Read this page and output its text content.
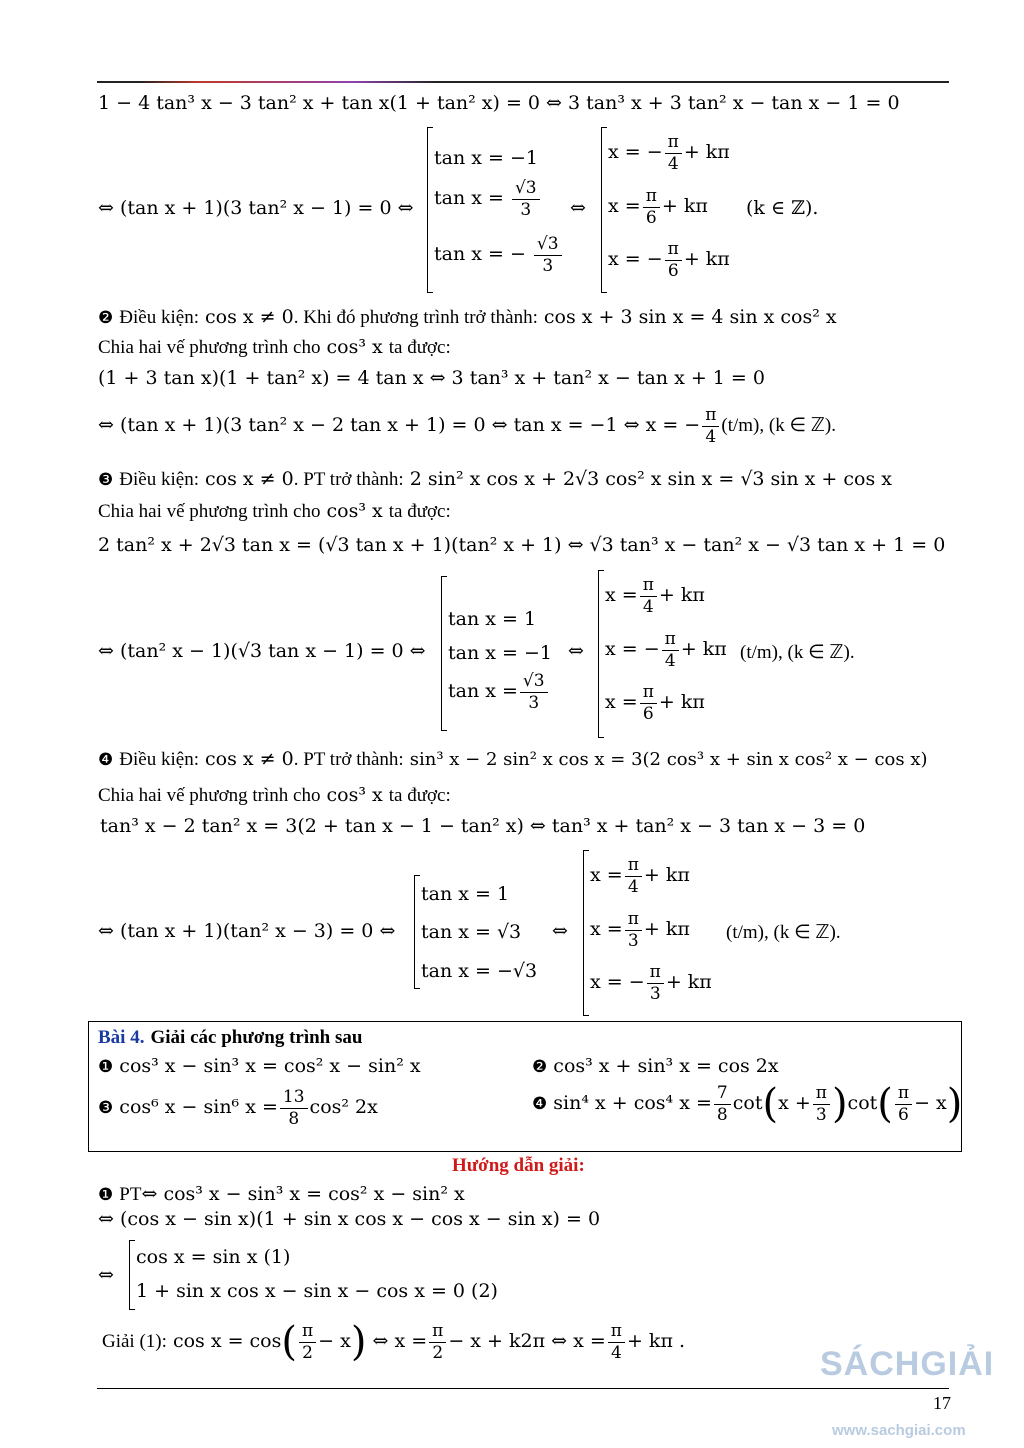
1 − 4 tan³ x − 3 tan² x + tan x(1 + tan² x) = 0 ⇔ 3 tan³ x + 3 tan² x − tan x − 1 = 0
⇔ (tan x + 1)(3 tan² x − 1) = 0 ⇔
tan x = −1
$\tan x = \frac{√3}{3}$
tan x = − $\frac{√3}{3}$
⇔
x = − $\frac{\pi}{4} + k\pi$
$x = \frac{\pi}{6} + k\pi$
x = − $\frac{\pi}{6} + k\pi$
(k ∈ ℤ).
❷ Điều kiện: cos x ≠ 0. Khi đó phương trình trở thành: cos x + 3 sin x = 4 sin x cos² x
Chia hai vế phương trình cho cos³ x ta được:
(1 + 3 tan x)(1 + tan² x) = 4 tan x ⇔ 3 tan³ x + tan² x − tan x + 1 = 0
⇔ (tan x + 1)(3 tan² x − 2 tan x + 1) = 0 ⇔ tan x = −1 ⇔ x = − $\frac{\pi}{4} (t/m)$, (k ∈ ℤ).
❸ Điều kiện: cos x ≠ 0. PT trở thành: 2 sin² x cos x + 2√3 cos² x sin x = √3 sin x + cos x
Chia hai vế phương trình cho cos³ x ta được:
2 tan² x + 2√3 tan x = (√3 tan x + 1)(tan² x + 1) ⇔ √3 tan³ x − tan² x − √3 tan x + 1 = 0
⇔ (tan² x − 1)(√3 tan x − 1) = 0 ⇔
tan x = 1
tan x = −1
$\tan x = \frac{√3}{3}$
⇔
$x = \frac{\pi}{4} + k\pi$
x = − $\frac{\pi}{4} + k\pi$
$x = \frac{\pi}{6} + k\pi$
(t/m), (k ∈ ℤ).
❹ Điều kiện: cos x ≠ 0. PT trở thành: sin³ x − 2 sin² x cos x = 3(2 cos³ x + sin x cos² x − cos x)
Chia hai vế phương trình cho cos³ x ta được:
tan³ x − 2 tan² x = 3(2 + tan x − 1 − tan² x) ⇔ tan³ x + tan² x − 3 tan x − 3 = 0
⇔ (tan x + 1)(tan² x − 3) = 0 ⇔
tan x = 1
tan x = √3
tan x = −√3
⇔
$x = \frac{\pi}{4} + k\pi$
$x = \frac{\pi}{3} + k\pi$
x = − $\frac{\pi}{3} + k\pi$
(t/m), (k ∈ ℤ).
Bài 4. Giải các phương trình sau
❶ cos³ x − sin³ x = cos² x − sin² x	❷ cos³ x + sin³ x = cos 2x
❸ cos⁶ x − sin⁶ $x = \frac{13}{8} \cos^2$ 2x	❹ sin⁴ x + cos⁴ $x = \frac{7}{8} \cot(x + \frac{\pi}{3} )\cot( \frac{\pi}{6} - x)$
Hướng dẫn giải:
❶ PT⇔ cos³ x − sin³ x = cos² x − sin² x
⇔ (cos x − sin x)(1 + sin x cos x − cos x − sin x) = 0
⇔
cos x = sin x (1)
1 + sin x cos x − sin x − cos x = 0 (2)
Giải (1): $\cos x = \cos( \frac{\pi}{2} - x)$ ⇔ $x = \frac{\pi}{2} - x + k2\pi$ ⇔ $x = \frac{\pi}{4} + k\pi$ .
17
SÁCHGIẢI
www.sachgiai.com
